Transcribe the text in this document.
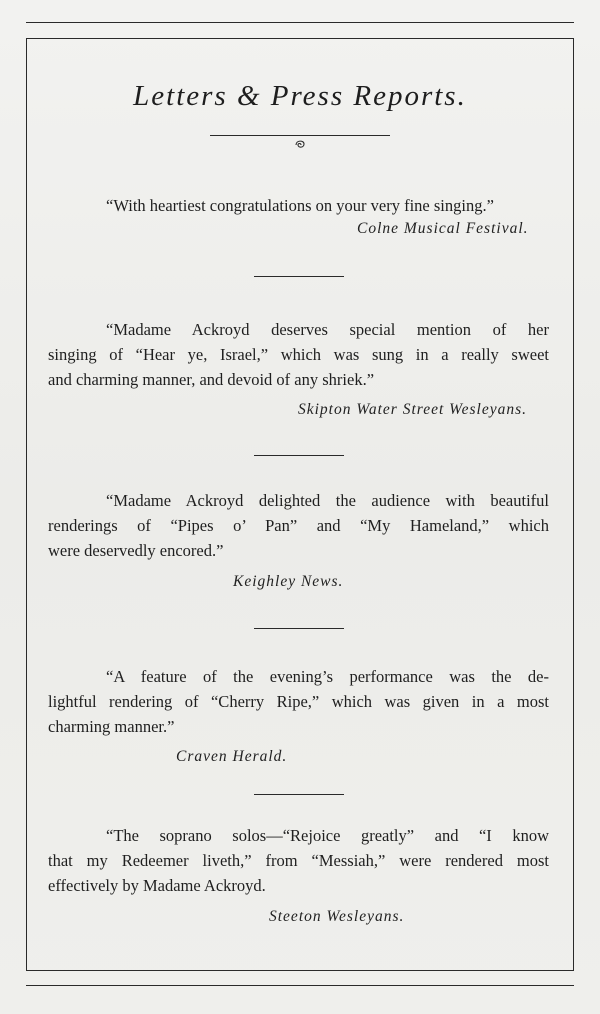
Letters & Press Reports.
“With heartiest congratulations on your very fine singing.”
Colne Musical Festival.
“Madame Ackroyd deserves special mention of her
singing of “Hear ye, Israel,” which was sung in a really sweet
and charming manner, and devoid of any shriek.”
Skipton Water Street Wesleyans.
“Madame Ackroyd delighted the audience with beautiful
renderings of “Pipes o’ Pan” and “My Hameland,” which
were deservedly encored.”
Keighley News.
“A feature of the evening’s performance was the de-
lightful rendering of “Cherry Ripe,” which was given in a most
charming manner.”
Craven Herald.
“The soprano solos—“Rejoice greatly” and “I know
that my Redeemer liveth,” from “Messiah,” were rendered most
effectively by Madame Ackroyd.
Steeton Wesleyans.
